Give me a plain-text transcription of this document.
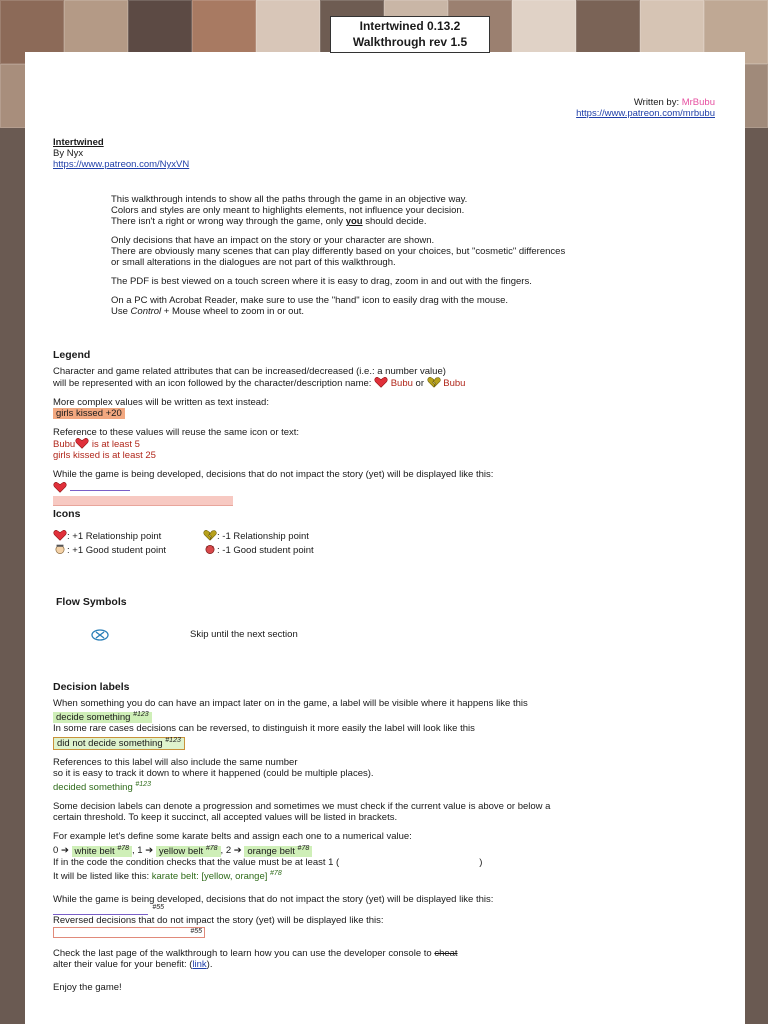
Intertwined 0.13.2
Walkthrough rev 1.5
Written by: MrBubu
https://www.patreon.com/mrbubu
Intertwined
By Nyx
https://www.patreon.com/NyxVN
This walkthrough intends to show all the paths through the game in an objective way.
Colors and styles are only meant to highlights elements, not influence your decision.
There isn't a right or wrong way through the game, only you should decide.
Only decisions that have an impact on the story or your character are shown.
There are obviously many scenes that can play differently based on your choices, but "cosmetic" differences
or small alterations in the dialogues are not part of this walkthrough.
The PDF is best viewed on a touch screen where it is easy to drag, zoom in and out with the fingers.
On a PC with Acrobat Reader, make sure to use the "hand" icon to easily drag with the mouse.
Use Control + Mouse wheel to zoom in or out.
Legend
Character and game related attributes that can be increased/decreased (i.e.: a number value)
will be represented with an icon followed by the character/description name:  Bubu or  Bubu
More complex values will be written as text instead:
girls kissed +20
Reference to these values will reuse the same icon or text:
Bubu is at least 5
girls kissed is at least 25
While the game is being developed, decisions that do not impact the story (yet) will be displayed like this:

Icons
: +1 Relationship point	: -1 Relationship point
: +1 Good student point	: -1 Good student point
Flow Symbols
Skip until the next section
Decision labels
When something you do can have an impact later on in the game, a label will be visible where it happens like this
decide something $^{\#123}$
In some rare cases decisions can be reversed, to distinguish it more easily the label will look like this
did not decide something $^{\#123}$
References to this label will also include the same number
so it is easy to track it down to where it happened (could be multiple places).
decided something $^{\#123}$
Some decision labels can denote a progression and sometimes we must check if the current value is above or below a
certain threshold. To keep it succinct, all accepted values will be listed in brackets.
For example let's define some karate belts and assign each one to a numerical value:
0 ➔ white belt $^{\#78}$ , 1 ➔ yellow belt $^{\#78}$ , 2 ➔ orange belt $^{\#78}$
If in the code the condition checks that the value must be at least 1 (	)
It will be listed like this: karate belt: [yellow, orange] $^{\#78}$
While the game is being developed, decisions that do not impact the story (yet) will be displayed like this:
#55
Reversed decisions that do not impact the story (yet) will be displayed like this:
#55
Check the last page of the walkthrough to learn how you can use the developer console to cheat
alter their value for your benefit: (link).
Enjoy the game!
